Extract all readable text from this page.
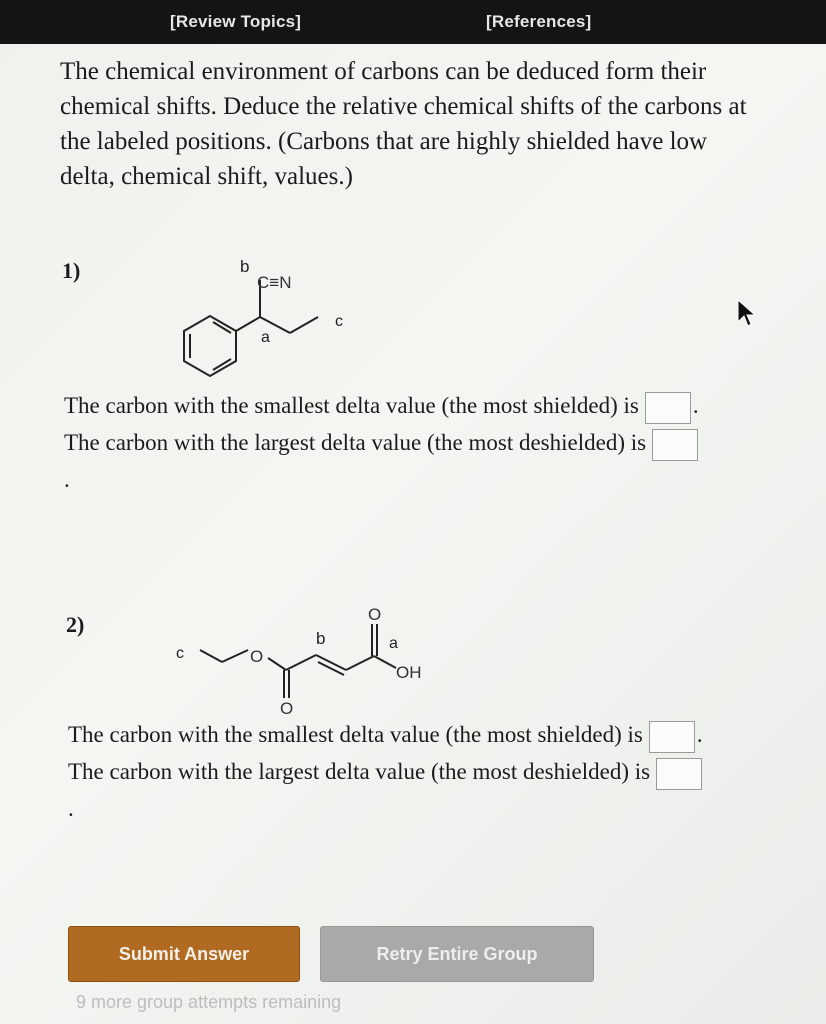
[Review Topics]	[References]
The chemical environment of carbons can be deduced form their chemical shifts. Deduce the relative chemical shifts of the carbons at the labeled positions. (Carbons that are highly shielded have low delta, chemical shift, values.)
1)	b
C≡N
a
c
The carbon with the smallest delta value (the most shielded) is .
The carbon with the largest delta value (the most deshielded) is.
2)
c	O
b
O
a
OH
O
The carbon with the smallest delta value (the most shielded) is .
The carbon with the largest delta value (the most deshielded) is.
Submit Answer	Retry Entire Group
9 more group attempts remaining
